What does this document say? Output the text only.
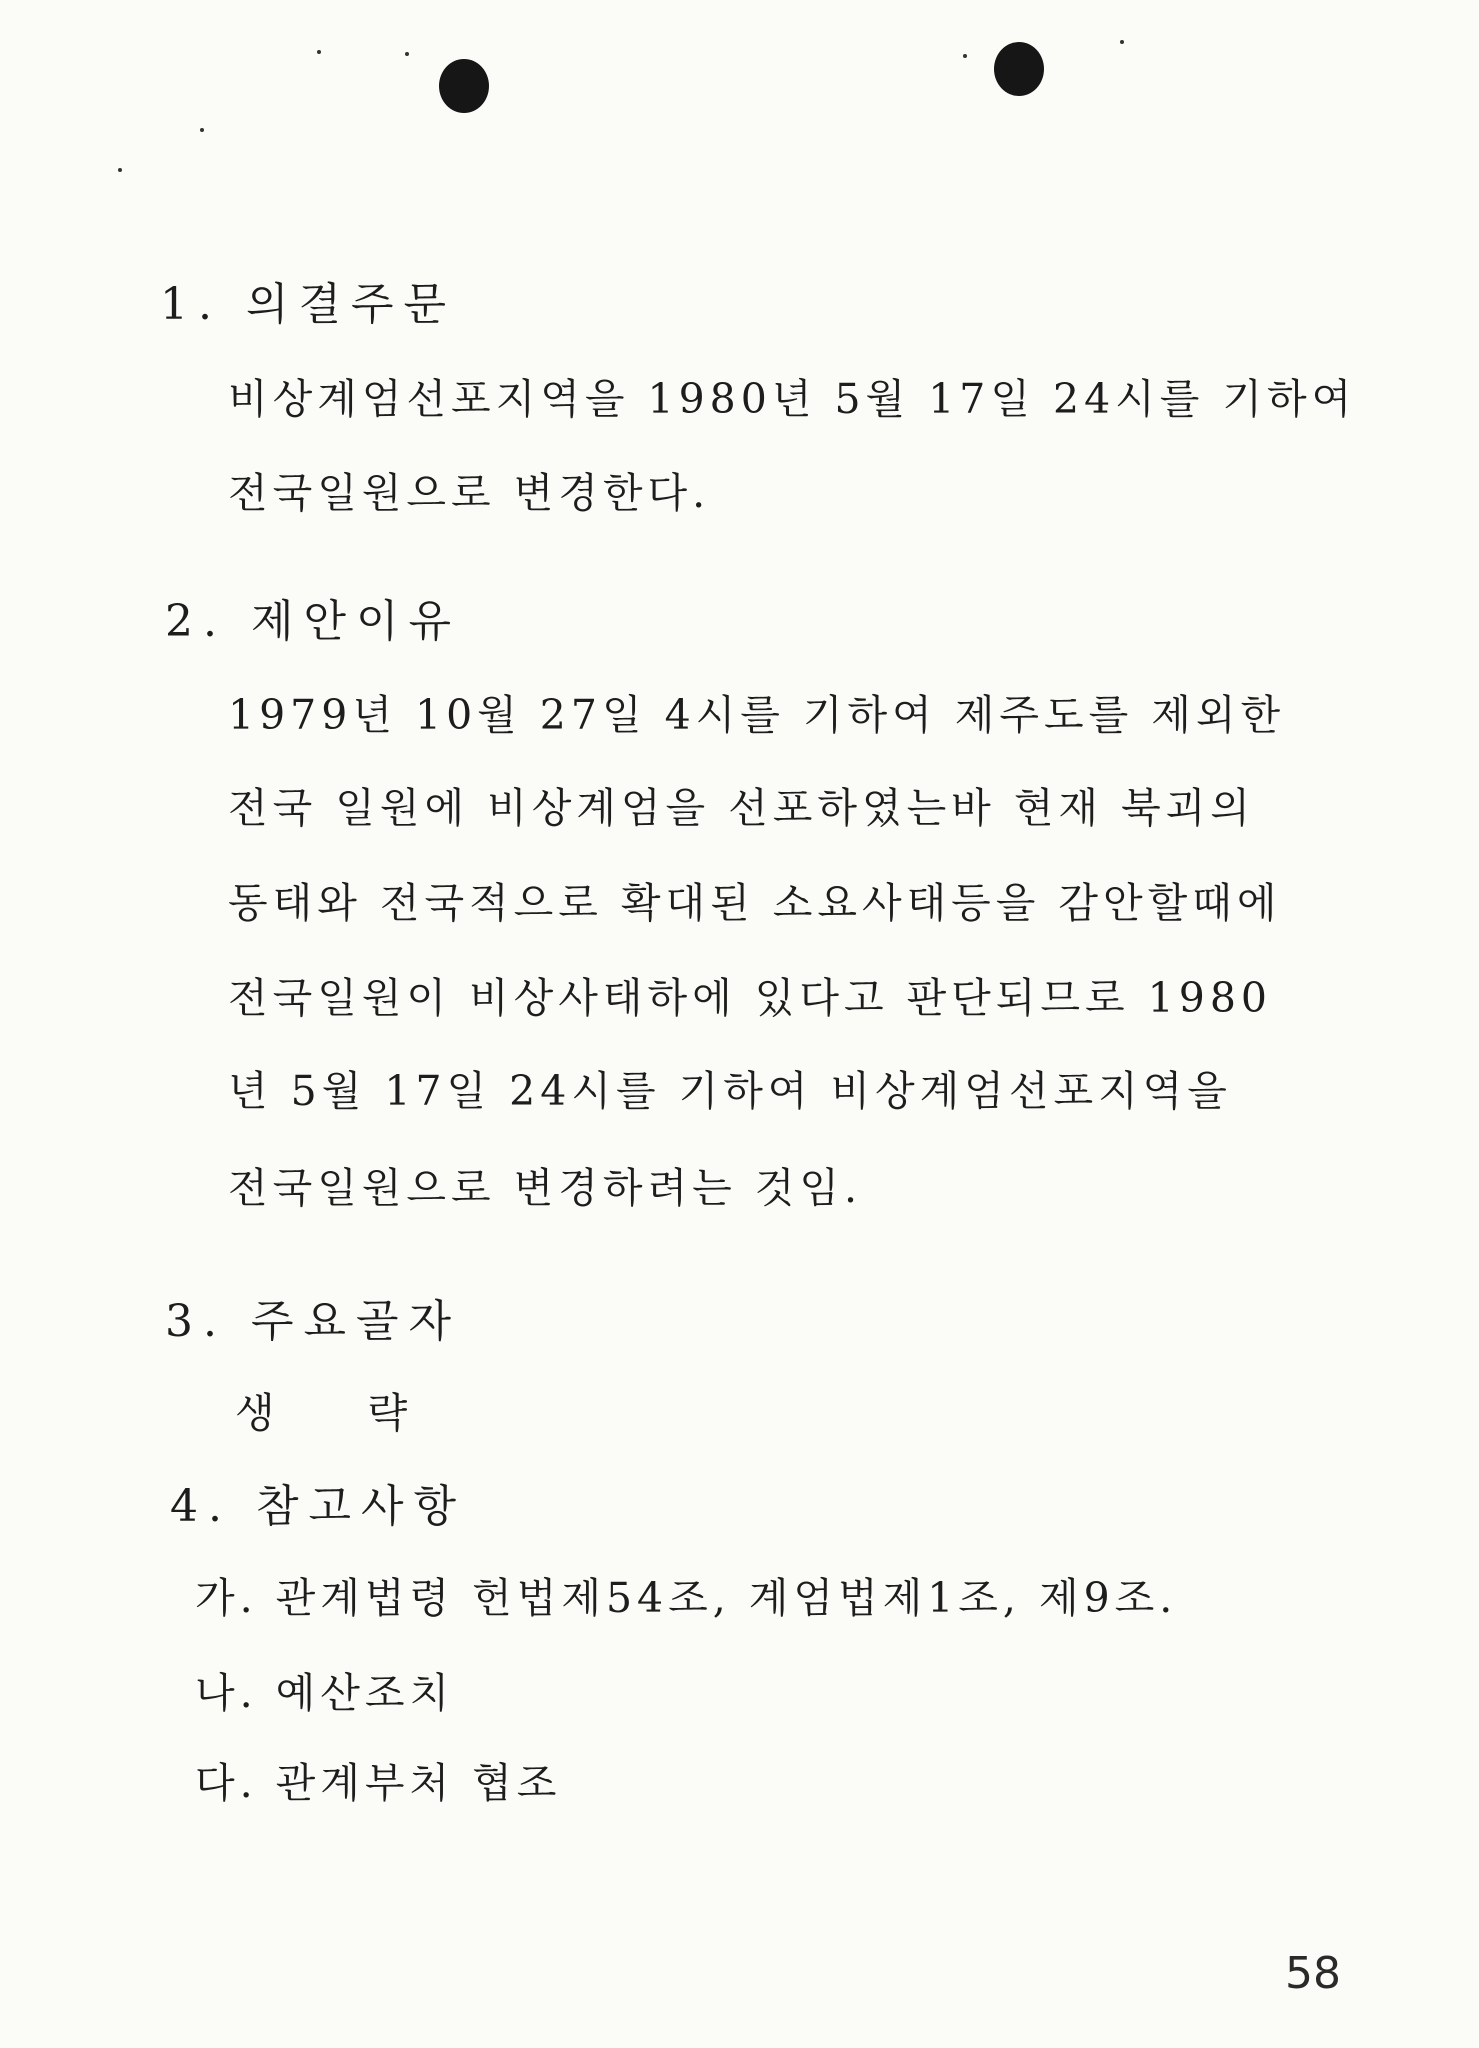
1. 의결주문
비상계엄선포지역을 1980년 5월 17일 24시를 기하여
전국일원으로 변경한다.
2. 제안이유
1979년 10월 27일 4시를 기하여 제주도를 제외한
전국 일원에 비상계엄을 선포하였는바 현재 북괴의
동태와 전국적으로 확대된 소요사태등을 감안할때에
전국일원이 비상사태하에 있다고 판단되므로 1980
년 5월 17일 24시를 기하여 비상계엄선포지역을
전국일원으로 변경하려는 것임.
3. 주요골자
생 략
4. 참고사항
가. 관계법령 헌법제54조, 계엄법제1조, 제9조.
나. 예산조치
다. 관계부처 협조
58
